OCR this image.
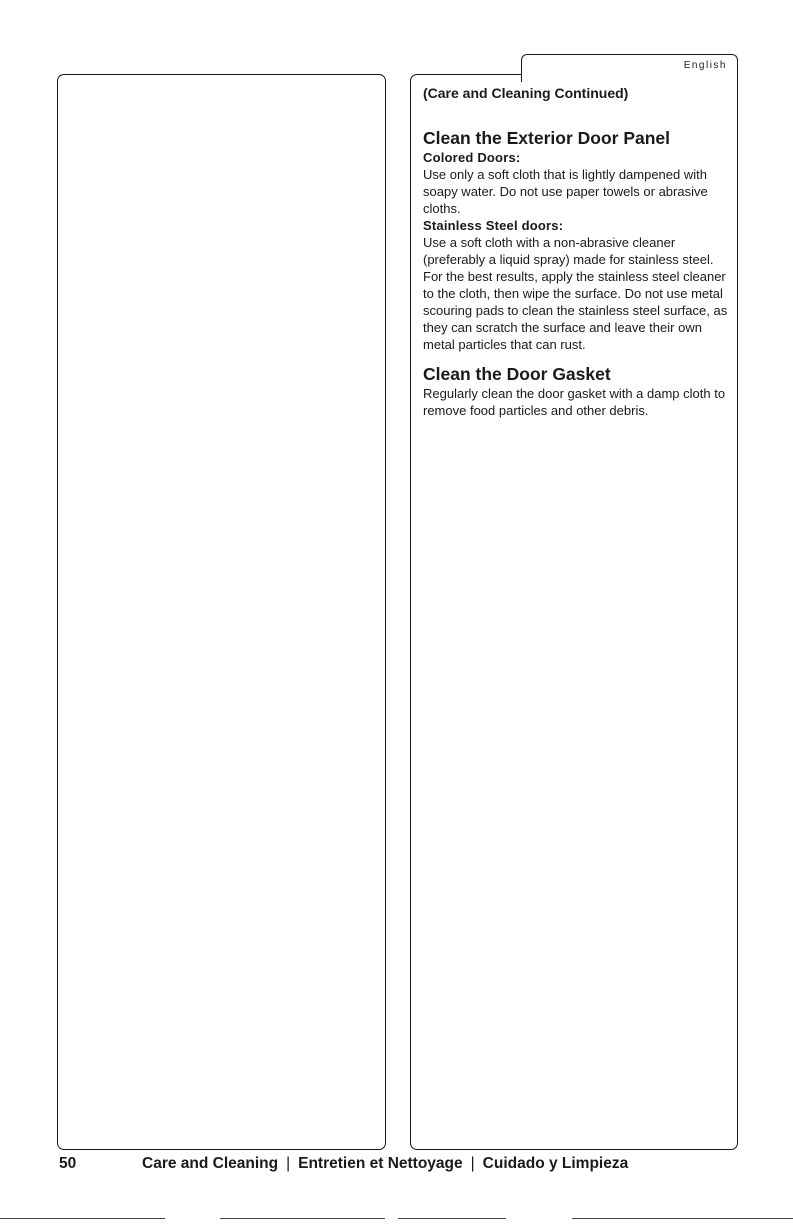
English

(Care and Cleaning Continued)

Clean the Exterior Door Panel

Colored Doors:

Use only a soft cloth that is lightly dampened with soapy water. Do not use paper towels or abrasive cloths.

Stainless Steel doors:

Use a soft cloth with a non-abrasive cleaner (preferably a liquid spray) made for stainless steel. For the best results, apply the stainless steel cleaner to the cloth, then wipe the surface. Do not use metal scouring pads to clean the stainless steel surface, as they can scratch the surface and leave their own metal particles that can rust.

Clean the Door Gasket

Regularly clean the door gasket with a damp cloth to remove food particles and other debris.

50	Care and Cleaning | Entretien et Nettoyage | Cuidado y Limpieza
